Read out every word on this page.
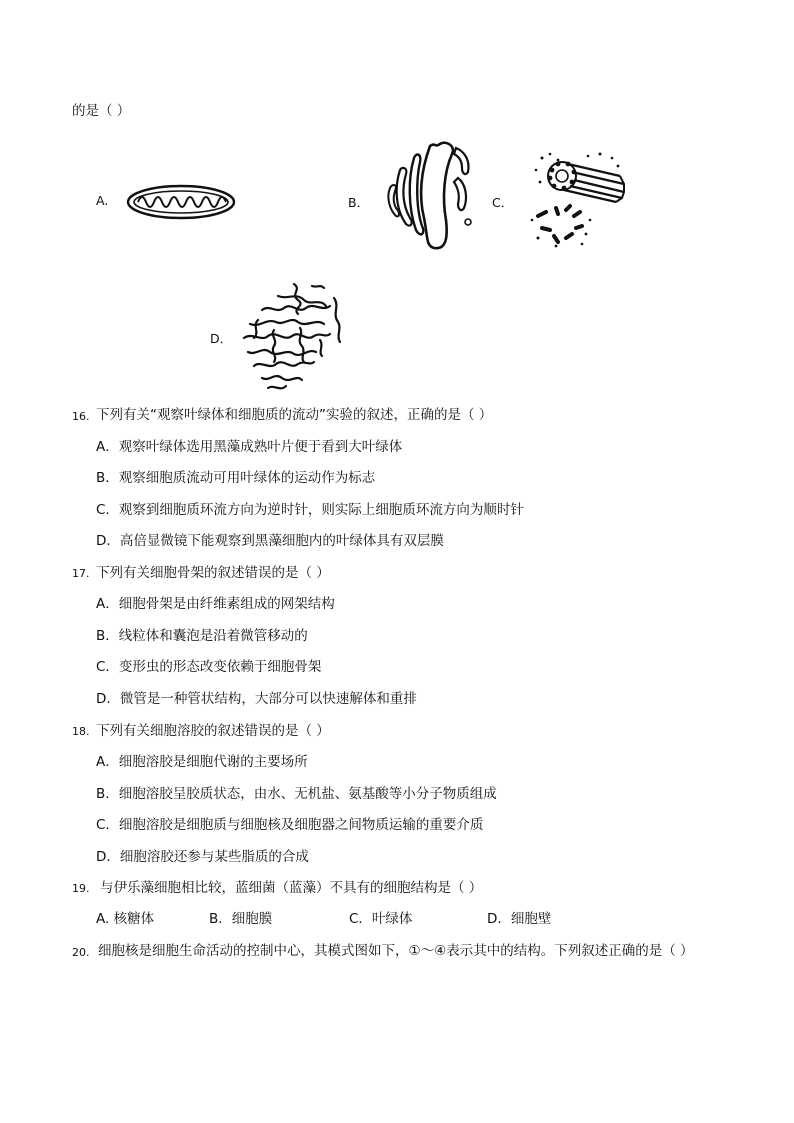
的是（ ）
A.	B．	C．
D．
16. 下列有关“观察叶绿体和细胞质的流动”实验的叙述，正确的是（ ）
A．观察叶绿体选用黑藻成熟叶片便于看到大叶绿体
B．观察细胞质流动可用叶绿体的运动作为标志
C．观察到细胞质环流方向为逆时针，则实际上细胞质环流方向为顺时针
D．高倍显微镜下能观察到黑藻细胞内的叶绿体具有双层膜
17. 下列有关细胞骨架的叙述错误的是（ ）
A．细胞骨架是由纤维素组成的网架结构
B．线粒体和囊泡是沿着微管移动的
C．变形虫的形态改变依赖于细胞骨架
D．微管是一种管状结构，大部分可以快速解体和重排
18. 下列有关细胞溶胶的叙述错误的是（ ）
A．细胞溶胶是细胞代谢的主要场所
B．细胞溶胶呈胶质状态，由水、无机盐、氨基酸等小分子物质组成
C．细胞溶胶是细胞质与细胞核及细胞器之间物质运输的重要介质
D．细胞溶胶还参与某些脂质的合成
19. 与伊乐藻细胞相比较，蓝细菌（蓝藻）不具有的细胞结构是（ ）
A. 核糖体	B．细胞膜	C．叶绿体	D．细胞壁
20. 细胞核是细胞生命活动的控制中心，其模式图如下，①～④表示其中的结构。下列叙述正确的是（ ）
